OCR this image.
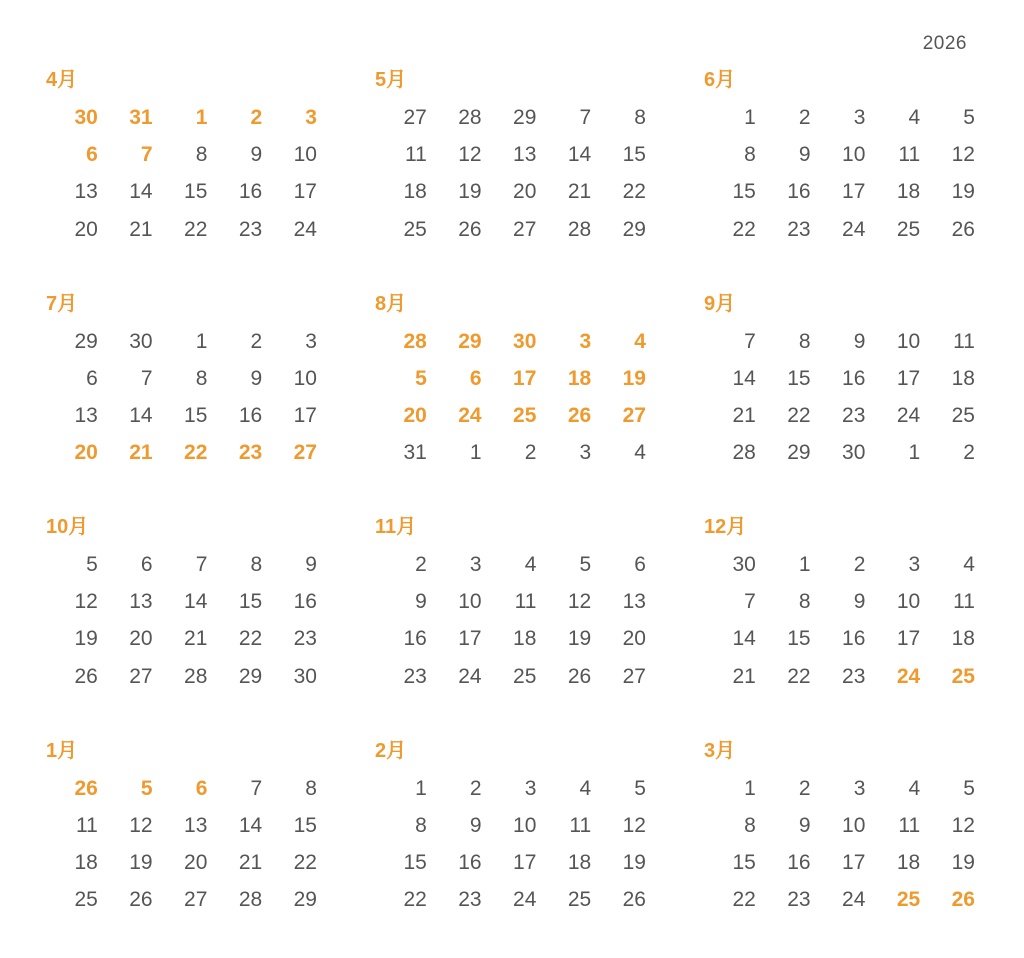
2026
4月
30	31	1	2	3
6	7	8	9	10
13	14	15	16	17
20	21	22	23	24
5月
27	28	29	7	8
11	12	13	14	15
18	19	20	21	22
25	26	27	28	29
6月
1	2	3	4	5
8	9	10	11	12
15	16	17	18	19
22	23	24	25	26
7月
29	30	1	2	3
6	7	8	9	10
13	14	15	16	17
20	21	22	23	27
8月
28	29	30	3	4
5	6	17	18	19
20	24	25	26	27
31	1	2	3	4
9月
7	8	9	10	11
14	15	16	17	18
21	22	23	24	25
28	29	30	1	2
10月
5	6	7	8	9
12	13	14	15	16
19	20	21	22	23
26	27	28	29	30
11月
2	3	4	5	6
9	10	11	12	13
16	17	18	19	20
23	24	25	26	27
12月
30	1	2	3	4
7	8	9	10	11
14	15	16	17	18
21	22	23	24	25
1月
26	5	6	7	8
11	12	13	14	15
18	19	20	21	22
25	26	27	28	29
2月
1	2	3	4	5
8	9	10	11	12
15	16	17	18	19
22	23	24	25	26
3月
1	2	3	4	5
8	9	10	11	12
15	16	17	18	19
22	23	24	25	26
